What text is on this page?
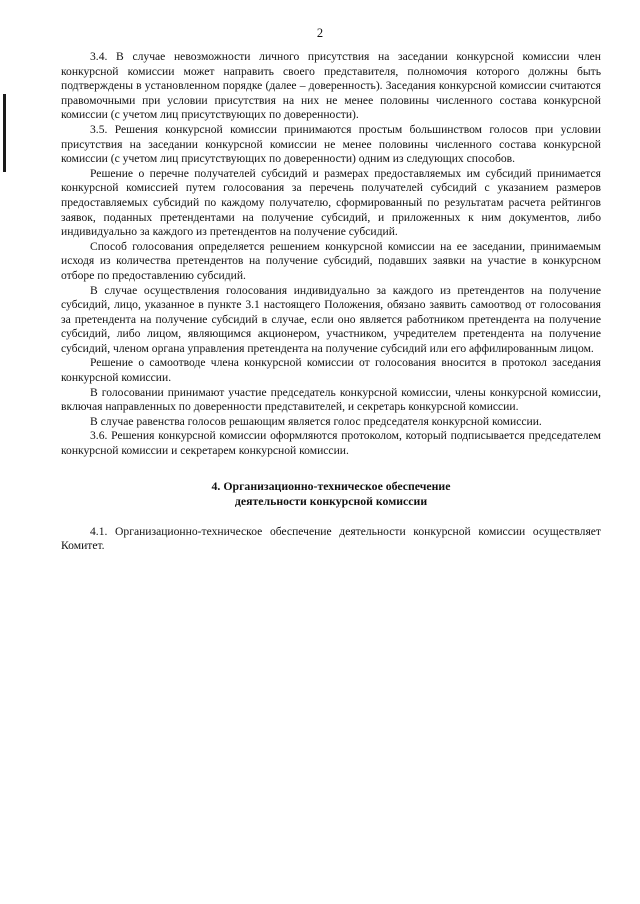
2

3.4. В случае невозможности личного присутствия на заседании конкурсной комиссии член конкурсной комиссии может направить своего представителя, полномочия которого должны быть подтверждены в установленном порядке (далее – доверенность). Заседания конкурсной комиссии считаются правомочными при условии присутствия на них не менее половины численного состава конкурсной комиссии (с учетом лиц присутствующих по доверенности).

3.5. Решения конкурсной комиссии принимаются простым большинством голосов при условии присутствия на заседании конкурсной комиссии не менее половины численного состава конкурсной комиссии (с учетом лиц присутствующих по доверенности) одним из следующих способов.

Решение о перечне получателей субсидий и размерах предоставляемых им субсидий принимается конкурсной комиссией путем голосования за перечень получателей субсидий с указанием размеров предоставляемых субсидий по каждому получателю, сформированный по результатам расчета рейтингов заявок, поданных претендентами на получение субсидий, и приложенных к ним документов, либо индивидуально за каждого из претендентов на получение субсидий.

Способ голосования определяется решением конкурсной комиссии на ее заседании, принимаемым исходя из количества претендентов на получение субсидий, подавших заявки на участие в конкурсном отборе по предоставлению субсидий.

В случае осуществления голосования индивидуально за каждого из претендентов на получение субсидий, лицо, указанное в пункте 3.1 настоящего Положения, обязано заявить самоотвод от голосования за претендента на получение субсидий в случае, если оно является работником претендента на получение субсидий, либо лицом, являющимся акционером, участником, учредителем претендента на получение субсидий, членом органа управления претендента на получение субсидий или его аффилированным лицом.

Решение о самоотводе члена конкурсной комиссии от голосования вносится в протокол заседания конкурсной комиссии.

В голосовании принимают участие председатель конкурсной комиссии, члены конкурсной комиссии, включая направленных по доверенности представителей, и секретарь конкурсной комиссии.

В случае равенства голосов решающим является голос председателя конкурсной комиссии.

3.6. Решения конкурсной комиссии оформляются протоколом, который подписывается председателем конкурсной комиссии и секретарем конкурсной комиссии.

4. Организационно-техническое обеспечение
деятельности конкурсной комиссии

4.1. Организационно-техническое обеспечение деятельности конкурсной комиссии осуществляет Комитет.
